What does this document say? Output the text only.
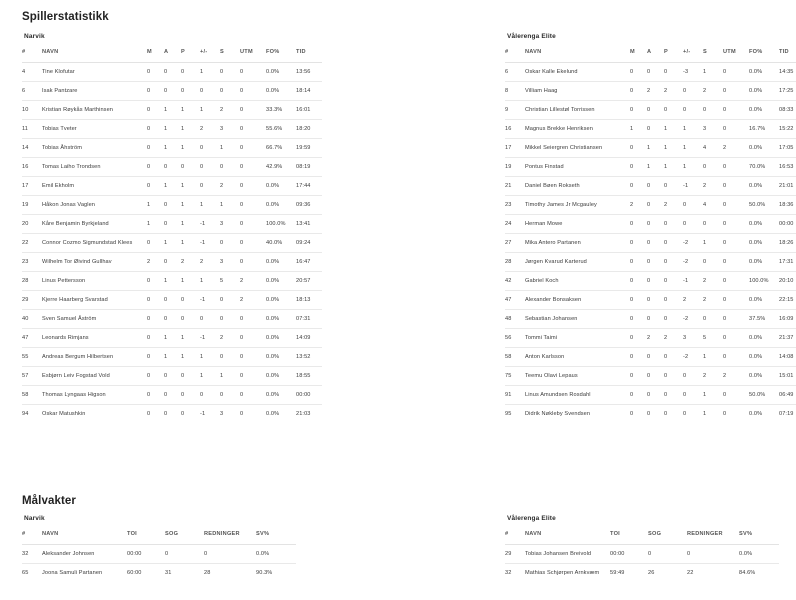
Spillerstatistikk
Narvik
#	NAVN	M	A	P	+/-	S	UTM	FO%	TID
4	Tine Klofutar	0	0	0	1	0	0	0.0%	13:56
6	Isak Pantzare	0	0	0	0	0	0	0.0%	18:14
10	Kristian Røykås Marthinsen	0	1	1	1	2	0	33.3%	16:01
11	Tobias Tveter	0	1	1	2	3	0	55.6%	18:20
14	Tobias Åhström	0	1	1	0	1	0	66.7%	19:59
16	Tomas Laiho Trondsen	0	0	0	0	0	0	42.9%	08:19
17	Emil Ekholm	0	1	1	0	2	0	0.0%	17:44
19	Håkon Jonas Vaglen	1	0	1	1	1	0	0.0%	09:36
20	Kåre Benjamin Byrkjeland	1	0	1	-1	3	0	100.0%	13:41
22	Connor Cozmo Sigmundstad Klees	0	1	1	-1	0	0	40.0%	09:24
23	Wilhelm Tor Øivind Gullhav	2	0	2	2	3	0	0.0%	16:47
28	Linus Pettersson	0	1	1	1	5	2	0.0%	20:57
29	Kjerre Haarberg Svarstad	0	0	0	-1	0	2	0.0%	18:13
40	Sven Samuel Åström	0	0	0	0	0	0	0.0%	07:31
47	Leonards Rimjans	0	1	1	-1	2	0	0.0%	14:09
55	Andreas Bergum Hilbertsen	0	1	1	1	0	0	0.0%	13:52
57	Esbjørn Leiv Fogstad Vold	0	0	0	1	1	0	0.0%	18:55
58	Thomas Lyngaas Higson	0	0	0	0	0	0	0.0%	00:00
94	Oskar Matushkin	0	0	0	-1	3	0	0.0%	21:03
Vålerenga Elite
#	NAVN	M	A	P	+/-	S	UTM	FO%	TID
6	Oskar Kalle Ekelund	0	0	0	-3	1	0	0.0%	14:35
8	Villiam Haag	0	2	2	0	2	0	0.0%	17:25
9	Christian Lillestøl Torrissen	0	0	0	0	0	0	0.0%	08:33
16	Magnus Brekke Henriksen	1	0	1	1	3	0	16.7%	15:22
17	Mikkel Seiergren Christiansen	0	1	1	1	4	2	0.0%	17:05
19	Pontus Finstad	0	1	1	1	0	0	70.0%	16:53
21	Daniel Bøen Rokseth	0	0	0	-1	2	0	0.0%	21:01
23	Timothy James Jr Mcgauley	2	0	2	0	4	0	50.0%	18:36
24	Herman Mowe	0	0	0	0	0	0	0.0%	00:00
27	Mika Antero Partanen	0	0	0	-2	1	0	0.0%	18:26
28	Jørgen Kvarud Karterud	0	0	0	-2	0	0	0.0%	17:31
42	Gabriel Koch	0	0	0	-1	2	0	100.0%	20:10
47	Alexander Bonsaksen	0	0	0	2	2	0	0.0%	22:15
48	Sebastian Johansen	0	0	0	-2	0	0	37.5%	16:09
56	Tommi Taimi	0	2	2	3	5	0	0.0%	21:37
58	Anton Karlsson	0	0	0	-2	1	0	0.0%	14:08
75	Teemu Olavi Lepaus	0	0	0	0	2	2	0.0%	15:01
91	Linus Amundsen Rosdahl	0	0	0	0	1	0	50.0%	06:49
95	Didrik Nøkleby Svendsen	0	0	0	0	1	0	0.0%	07:19
Målvakter
Narvik
#	NAVN	TOI	SOG	REDNINGER	SV%
32	Aleksander Johnsen	00:00	0	0	0.0%
65	Joona Samuli Partanen	60:00	31	28	90.3%
Vålerenga Elite
#	NAVN	TOI	SOG	REDNINGER	SV%
29	Tobias Johansen Breivold	00:00	0	0	0.0%
32	Mathias Schjørpen Arnkvæm	59:49	26	22	84.6%
